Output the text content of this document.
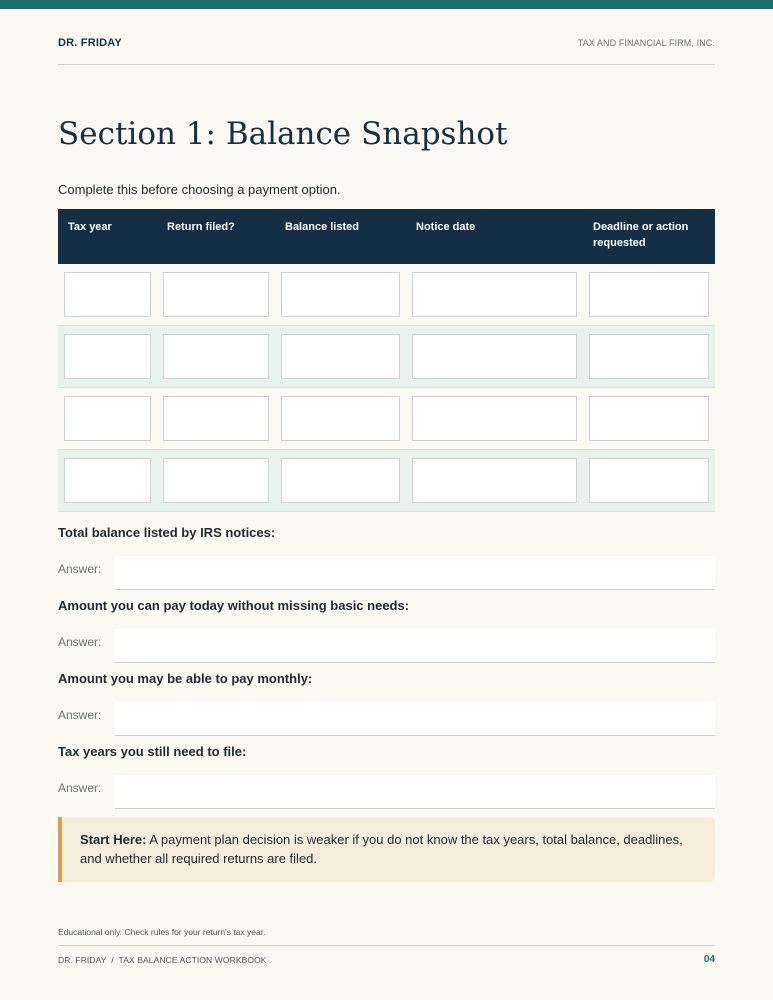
DR. FRIDAY	TAX AND FINANCIAL FIRM, INC.
Section 1: Balance Snapshot

Complete this before choosing a payment option.

Tax year	Return filed?	Balance listed	Notice date	Deadline or action requested

Total balance listed by IRS notices:
Answer:
Amount you can pay today without missing basic needs:
Answer:
Amount you may be able to pay monthly:
Answer:
Tax years you still need to file:
Answer:
Start Here: A payment plan decision is weaker if you do not know the tax years, total balance, deadlines, and whether all required returns are filed.
Educational only. Check rules for your return's tax year.
DR. FRIDAY  /  TAX BALANCE ACTION WORKBOOK	04
